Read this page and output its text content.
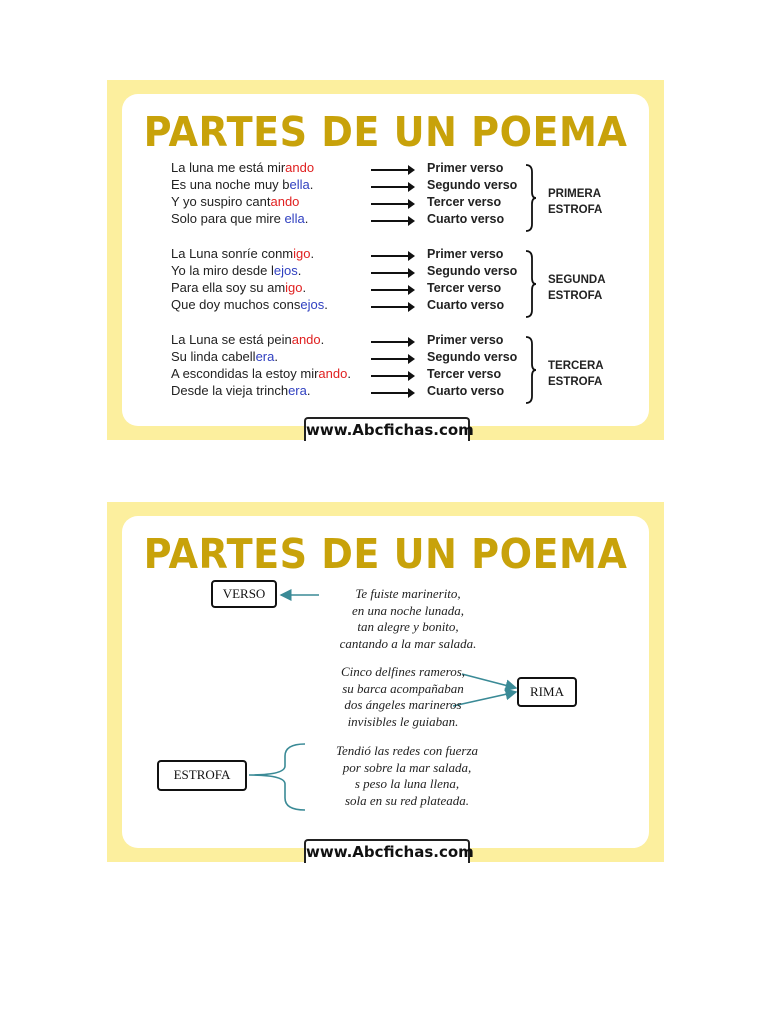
PARTES DE UN POEMA
La luna me está mirando
Es una noche muy bella.
Y yo suspiro cantando
Solo para que mire ella.
Primer verso
Segundo verso
Tercer verso
Cuarto verso
PRIMERA
ESTROFA
La Luna sonríe conmigo.
Yo la miro desde lejos.
Para ella soy su amigo.
Que doy muchos consejos.
Primer verso
Segundo verso
Tercer verso
Cuarto verso
SEGUNDA
ESTROFA
La Luna se está peinando.
Su linda cabellera.
A escondidas la estoy mirando.
Desde la vieja trinchera.
Primer verso
Segundo verso
Tercer verso
Cuarto verso
TERCERA
ESTROFA
www.Abcfichas.com
PARTES DE UN POEMA
VERSO
RIMA
ESTROFA
Te fuiste marinerito,
en una noche lunada,
tan alegre y bonito,
cantando a la mar salada.
Cinco delfines rameros,
su barca acompañaban
dos ángeles marineros
invisibles le guiaban.
Tendió las redes con fuerza
por sobre la mar salada,
s peso la luna llena,
sola en su red plateada.
www.Abcfichas.com
